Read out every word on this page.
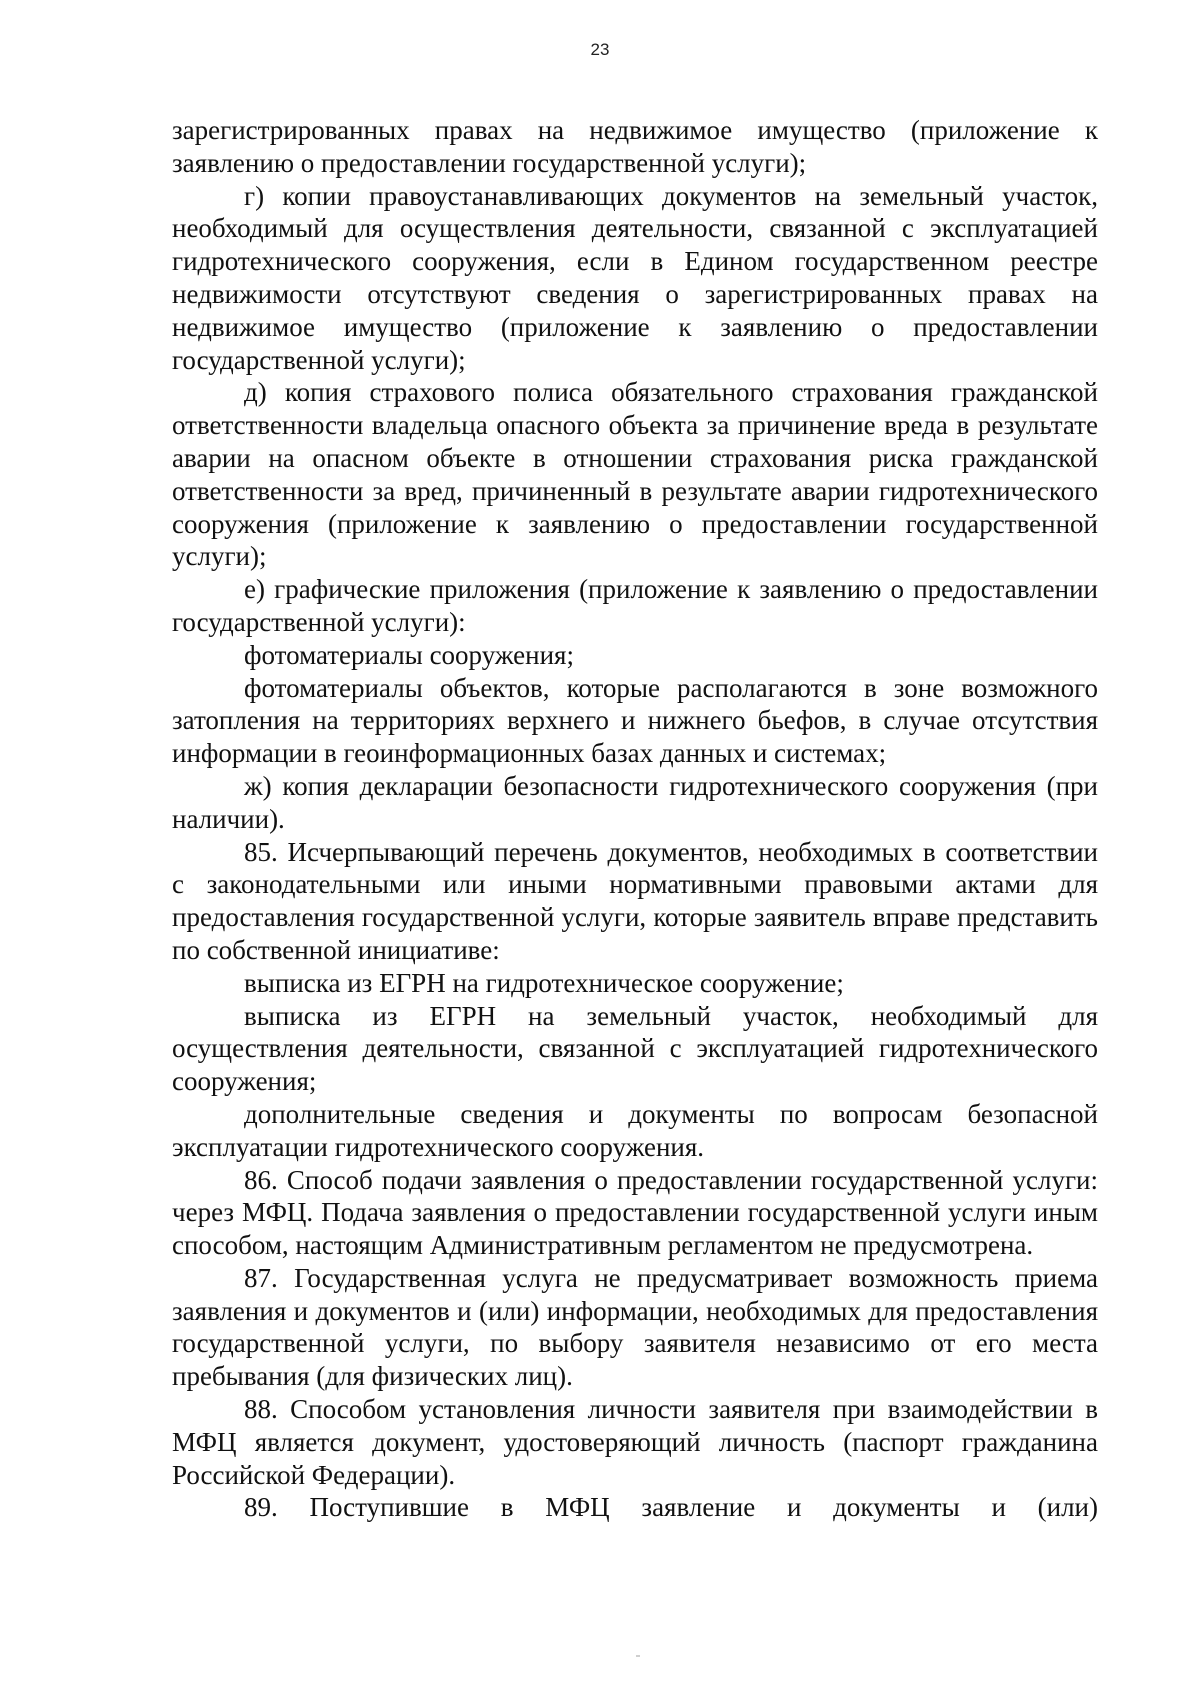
23

зарегистрированных правах на недвижимое имущество (приложение к заявлению о предоставлении государственной услуги);

г) копии правоустанавливающих документов на земельный участок, необходимый для осуществления деятельности, связанной с эксплуатацией гидротехнического сооружения, если в Едином государственном реестре недвижимости отсутствуют сведения о зарегистрированных правах на недвижимое имущество (приложение к заявлению о предоставлении государственной услуги);

д) копия страхового полиса обязательного страхования гражданской ответственности владельца опасного объекта за причинение вреда в результате аварии на опасном объекте в отношении страхования риска гражданской ответственности за вред, причиненный в результате аварии гидротехнического сооружения (приложение к заявлению о предоставлении государственной услуги);

е) графические приложения (приложение к заявлению о предоставлении государственной услуги):

фотоматериалы сооружения;

фотоматериалы объектов, которые располагаются в зоне возможного затопления на территориях верхнего и нижнего бьефов, в случае отсутствия информации в геоинформационных базах данных и системах;

ж) копия декларации безопасности гидротехнического сооружения (при наличии).

85. Исчерпывающий перечень документов, необходимых в соответствии с законодательными или иными нормативными правовыми актами для предоставления государственной услуги, которые заявитель вправе представить по собственной инициативе:

выписка из ЕГРН на гидротехническое сооружение;

выписка из ЕГРН на земельный участок, необходимый для осуществления деятельности, связанной с эксплуатацией гидротехнического сооружения;

дополнительные сведения и документы по вопросам безопасной эксплуатации гидротехнического сооружения.

86. Способ подачи заявления о предоставлении государственной услуги: через МФЦ. Подача заявления о предоставлении государственной услуги иным способом, настоящим Административным регламентом не предусмотрена.

87. Государственная услуга не предусматривает возможность приема заявления и документов и (или) информации, необходимых для предоставления государственной услуги, по выбору заявителя независимо от его места пребывания (для физических лиц).

88. Способом установления личности заявителя при взаимодействии в МФЦ является документ, удостоверяющий личность (паспорт гражданина Российской Федерации).

89. Поступившие в МФЦ заявление и документы и (или)
